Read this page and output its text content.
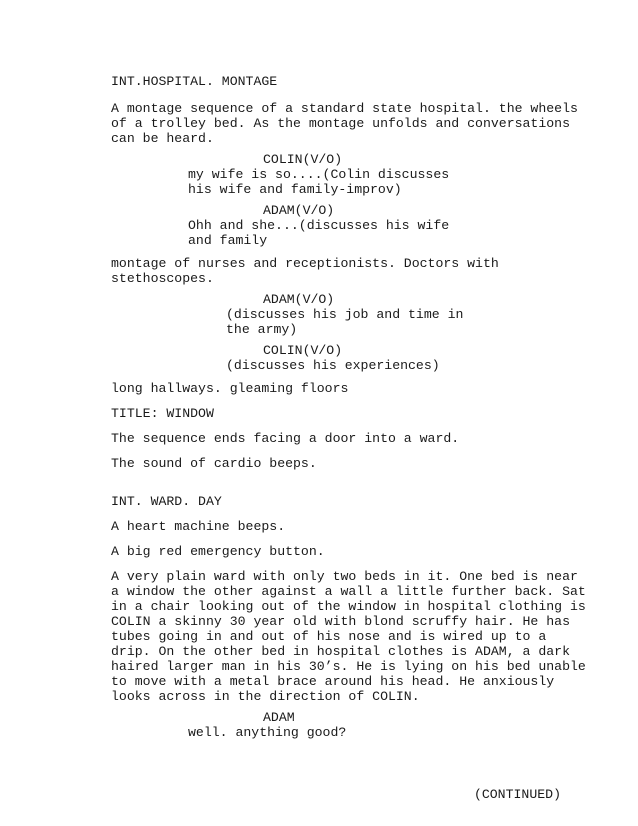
INT.HOSPITAL. MONTAGE
A montage sequence of a standard state hospital. the wheels
of a trolley bed. As the montage unfolds and conversations
can be heard.
COLIN(V/O)
my wife is so....(Colin discusses
his wife and family-improv)
ADAM(V/O)
Ohh and she...(discusses his wife
and family
montage of nurses and receptionists. Doctors with
stethoscopes.
ADAM(V/O)
(discusses his job and time in
the army)
COLIN(V/O)
(discusses his experiences)
long hallways. gleaming floors
TITLE: WINDOW
The sequence ends facing a door into a ward.
The sound of cardio beeps.
INT. WARD. DAY
A heart machine beeps.
A big red emergency button.
A very plain ward with only two beds in it. One bed is near
a window the other against a wall a little further back. Sat
in a chair looking out of the window in hospital clothing is
COLIN a skinny 30 year old with blond scruffy hair. He has
tubes going in and out of his nose and is wired up to a
drip. On the other bed in hospital clothes is ADAM, a dark
haired larger man in his 30’s. He is lying on his bed unable
to move with a metal brace around his head. He anxiously
looks across in the direction of COLIN.
ADAM
well. anything good?
(CONTINUED)
